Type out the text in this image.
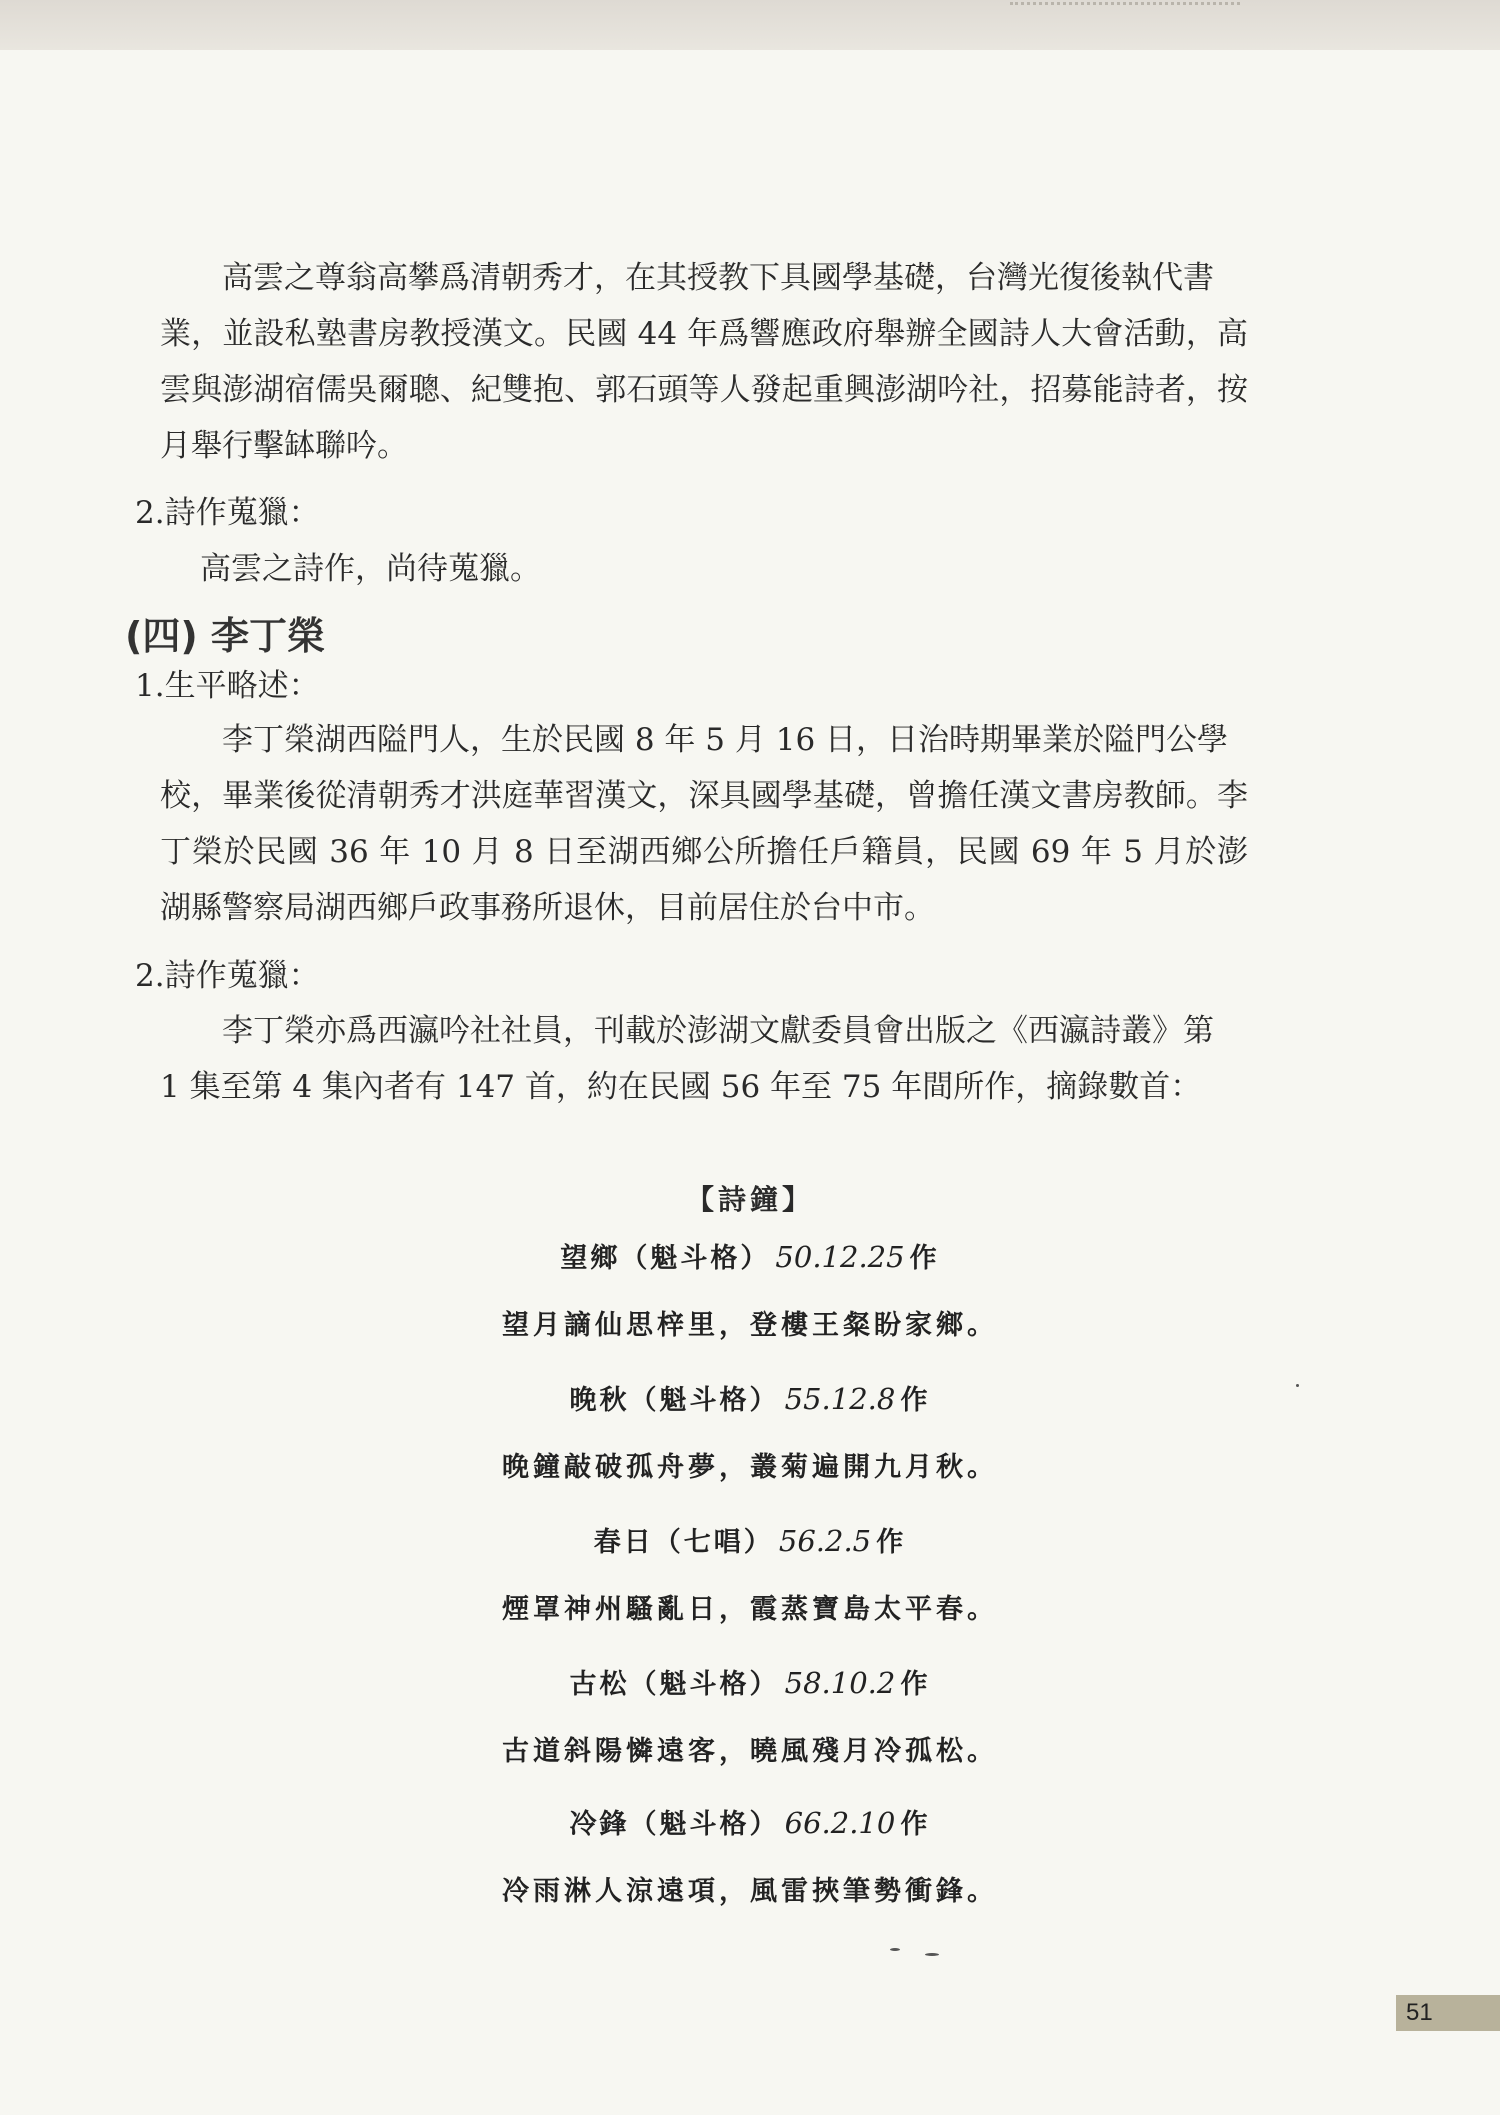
高雲之尊翁高攀爲清朝秀才，在其授教下具國學基礎，台灣光復後執代書
業，並設私塾書房教授漢文。民國 44 年爲響應政府舉辦全國詩人大會活動，高雲與澎湖宿儒吳爾聰、紀雙抱、郭石頭等人發起重興澎湖吟社，招募能詩者，按月舉行擊缽聯吟。

2.詩作蒐獵：

高雲之詩作，尚待蒐獵。

(四) 李丁榮

1.生平略述：

李丁榮湖西隘門人，生於民國 8 年 5 月 16 日，日治時期畢業於隘門公學
校，畢業後從清朝秀才洪庭華習漢文，深具國學基礎，曾擔任漢文書房教師。李丁榮於民國 36 年 10 月 8 日至湖西鄉公所擔任戶籍員，民國 69 年 5 月於澎湖縣警察局湖西鄉戶政事務所退休，目前居住於台中市。

2.詩作蒐獵：

李丁榮亦爲西瀛吟社社員，刊載於澎湖文獻委員會出版之《西瀛詩叢》第
1 集至第 4 集內者有 147 首，約在民國 56 年至 75 年間所作，摘錄數首：

【詩鐘】
望鄉（魁斗格） 50.12.25 作
望月謫仙思梓里，登樓王粲盼家鄉。
晚秋（魁斗格） 55.12.8 作
晚鐘敲破孤舟夢，叢菊遍開九月秋。
春日（七唱） 56.2.5 作
煙罩神州騷亂日，霞蒸寶島太平春。
古松（魁斗格） 58.10.2 作
古道斜陽憐遠客，曉風殘月冷孤松。
冷鋒（魁斗格） 66.2.10 作
冷雨淋人涼遠項，風雷挾筆勢衝鋒。
51
